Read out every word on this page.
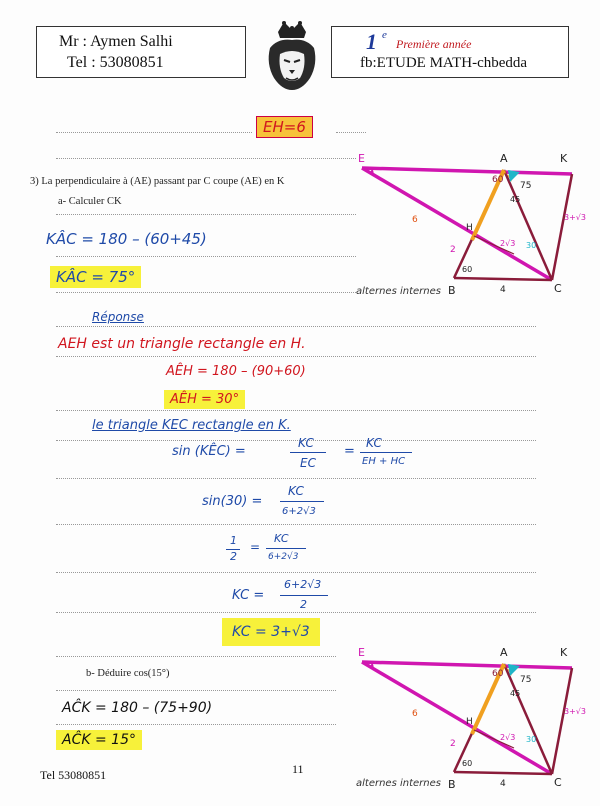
Mr : Aymen Salhi
Tel : 53080851
1 e
Première année
fb:ETUDE MATH-chbedda
EH=6
3) La perpendiculaire à (AE) passant par C coupe (AE) en K
a- Calculer CK
KÂC = 180 – (60+45)
KÂC = 75°
alternes internes
Réponse
AEH est un triangle rectangle en H.
AÊH = 180 – (90+60)
AÊH = 30°
le triangle KEC rectangle en K.
sin (KÊC) =
KC
EC
=
KC
EH + HC
sin(30) =
KC
6+2√3
1
2
=
KC
6+2√3
KC =
6+2√3
2
KC = 3+√3
b- Déduire cos(15°)
AĈK = 180 – (75+90)
AĈK = 15°
alternes internes
Tel 53080851	11
E	A	K
H
B	C
60
75
45
60
6
2
4
2√3
3+√3
30
E	A	K
H
B	C
60
75
45
60
6
2
4
2√3
3+√3
30
